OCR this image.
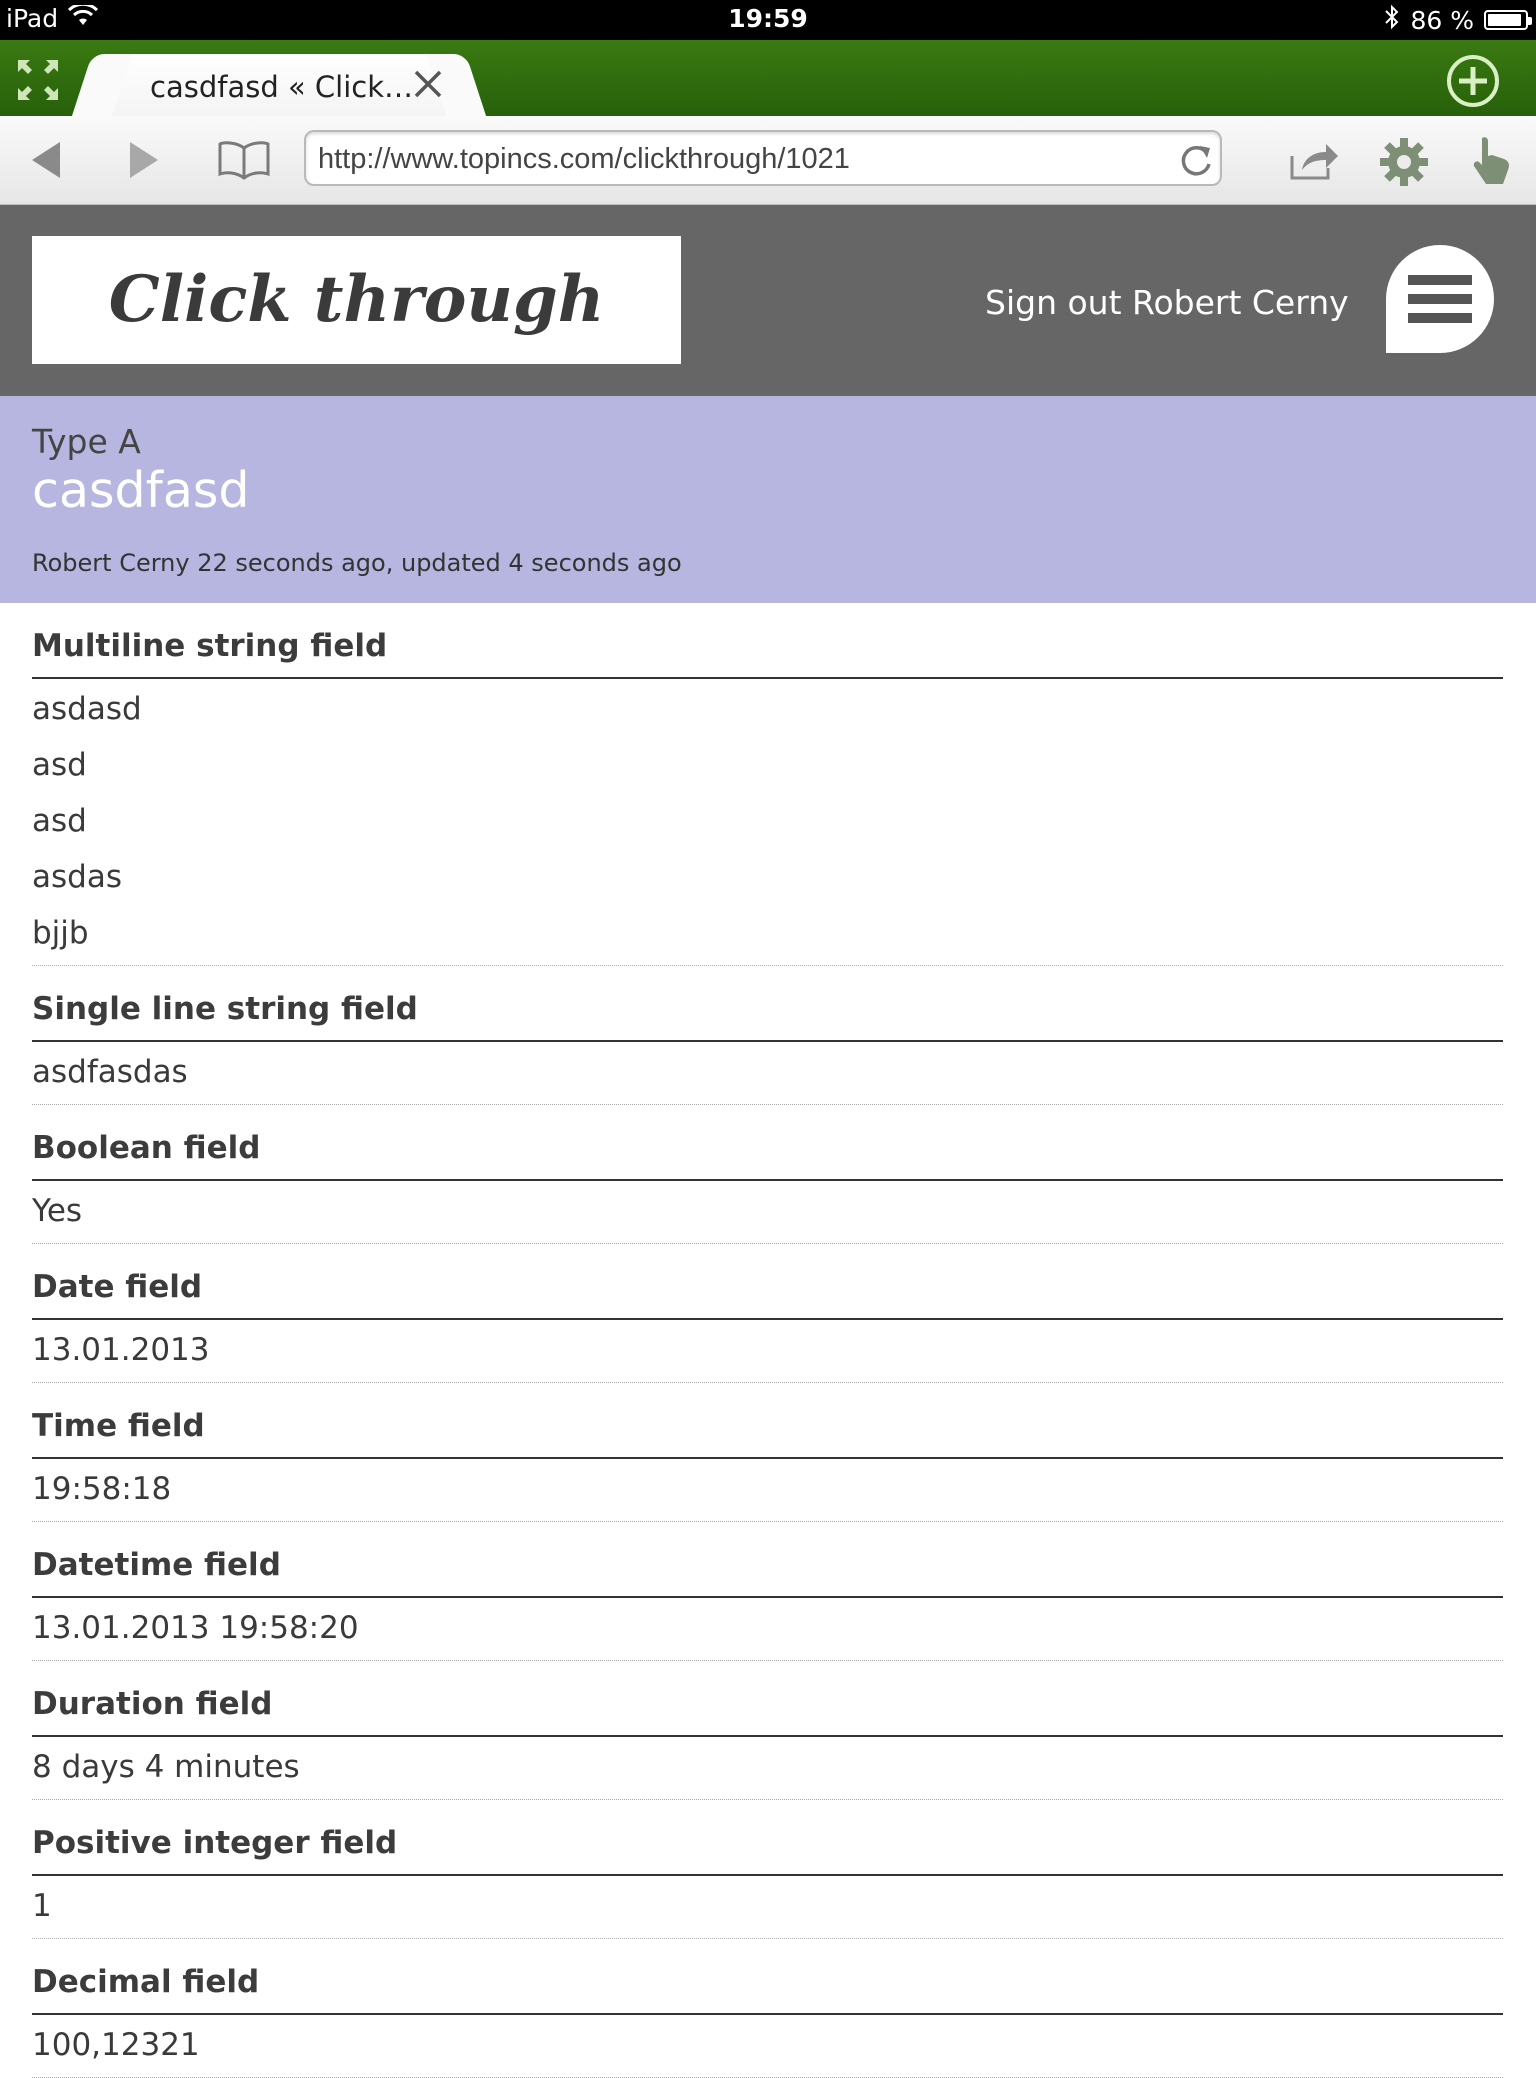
iPad	19:59	86 %
casdfasd « Click…
http://www.topincs.com/clickthrough/1021
Click through	Sign out Robert Cerny
Type A
casdfasd
Robert Cerny 22 seconds ago, updated 4 seconds ago
Multiline string field
asdasd
asd
asd
asdas
bjjb
Single line string field
asdfasdas
Boolean field
Yes
Date field
13.01.2013
Time field
19:58:18
Datetime field
13.01.2013 19:58:20
Duration field
8 days 4 minutes
Positive integer field
1
Decimal field
100,12321
